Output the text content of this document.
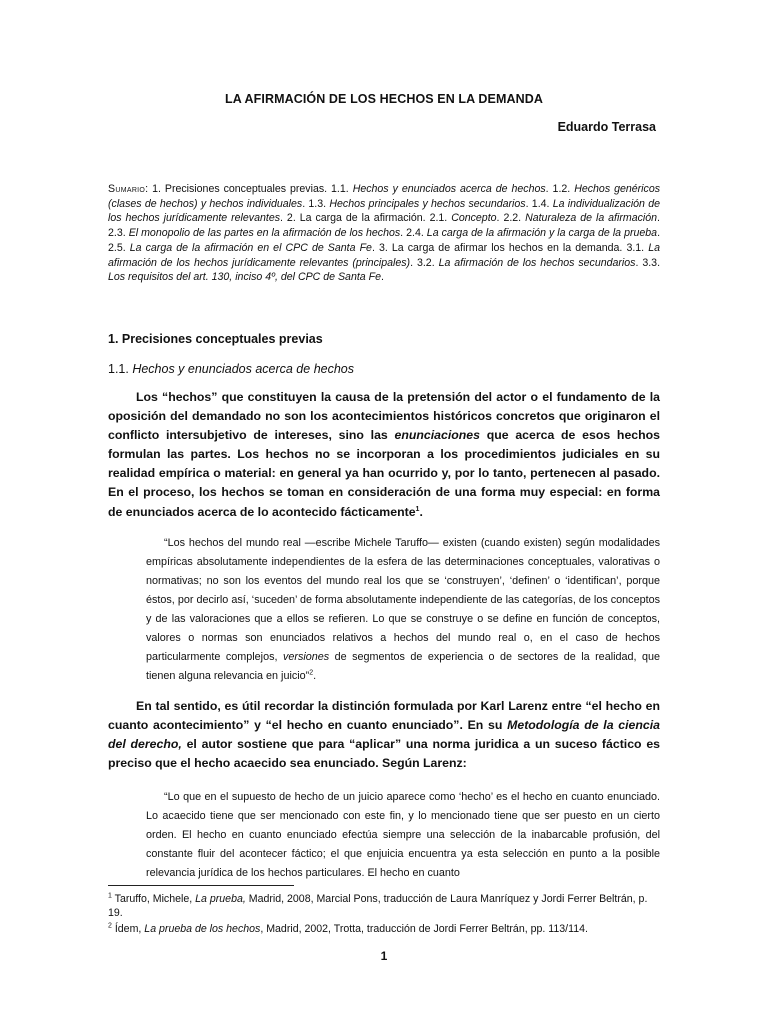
LA AFIRMACIÓN DE LOS HECHOS EN LA DEMANDA
Eduardo Terrasa
Sumario: 1. Precisiones conceptuales previas. 1.1. Hechos y enunciados acerca de hechos. 1.2. Hechos genéricos (clases de hechos) y hechos individuales. 1.3. Hechos principales y hechos secundarios. 1.4. La individualización de los hechos jurídicamente relevantes. 2. La carga de la afirmación. 2.1. Concepto. 2.2. Naturaleza de la afirmación. 2.3. El monopolio de las partes en la afirmación de los hechos. 2.4. La carga de la afirmación y la carga de la prueba. 2.5. La carga de la afirmación en el CPC de Santa Fe. 3. La carga de afirmar los hechos en la demanda. 3.1. La afirmación de los hechos jurídicamente relevantes (principales). 3.2. La afirmación de los hechos secundarios. 3.3. Los requisitos del art. 130, inciso 4º, del CPC de Santa Fe.
1. Precisiones conceptuales previas
1.1. Hechos y enunciados acerca de hechos
Los “hechos” que constituyen la causa de la pretensión del actor o el fundamento de la oposición del demandado no son los acontecimientos históricos concretos que originaron el conflicto intersubjetivo de intereses, sino las enunciaciones que acerca de esos hechos formulan las partes. Los hechos no se incorporan a los procedimientos judiciales en su realidad empírica o material: en general ya han ocurrido y, por lo tanto, pertenecen al pasado. En el proceso, los hechos se toman en consideración de una forma muy especial: en forma de enunciados acerca de lo acontecido fácticamente$^1$.
“Los hechos del mundo real —escribe Michele Taruffo— existen (cuando existen) según modalidades empíricas absolutamente independientes de la esfera de las determinaciones conceptuales, valorativas o normativas; no son los eventos del mundo real los que se ‘construyen’, ‘definen’ o ‘identifican’, porque éstos, por decirlo así, ‘suceden’ de forma absolutamente independiente de las categorías, de los conceptos y de las valoraciones que a ellos se refieren. Lo que se construye o se define en función de conceptos, valores o normas son enunciados relativos a hechos del mundo real o, en el caso de hechos particularmente complejos, versiones de segmentos de experiencia o de sectores de la realidad, que tienen alguna relevancia en juicio”$^2$.
En tal sentido, es útil recordar la distinción formulada por Karl Larenz entre “el hecho en cuanto acontecimiento” y “el hecho en cuanto enunciado”. En su Metodología de la ciencia del derecho, el autor sostiene que para “aplicar” una norma juridica a un suceso fáctico es preciso que el hecho acaecido sea enunciado. Según Larenz:
“Lo que en el supuesto de hecho de un juicio aparece como ‘hecho’ es el hecho en cuanto enunciado. Lo acaecido tiene que ser mencionado con este fin, y lo mencionado tiene que ser puesto en un cierto orden. El hecho en cuanto enunciado efectúa siempre una selección de la inabarcable profusión, del constante fluir del acontecer fáctico; el que enjuicia encuentra ya esta selección en punto a la posible relevancia jurídica de los hechos particulares. El hecho en cuanto
$^1$ Taruffo, Michele, La prueba, Madrid, 2008, Marcial Pons, traducción de Laura Manríquez y Jordi Ferrer Beltrán, p. 19.
$^2$ Ídem, La prueba de los hechos, Madrid, 2002, Trotta, traducción de Jordi Ferrer Beltrán, pp. 113/114.
1
